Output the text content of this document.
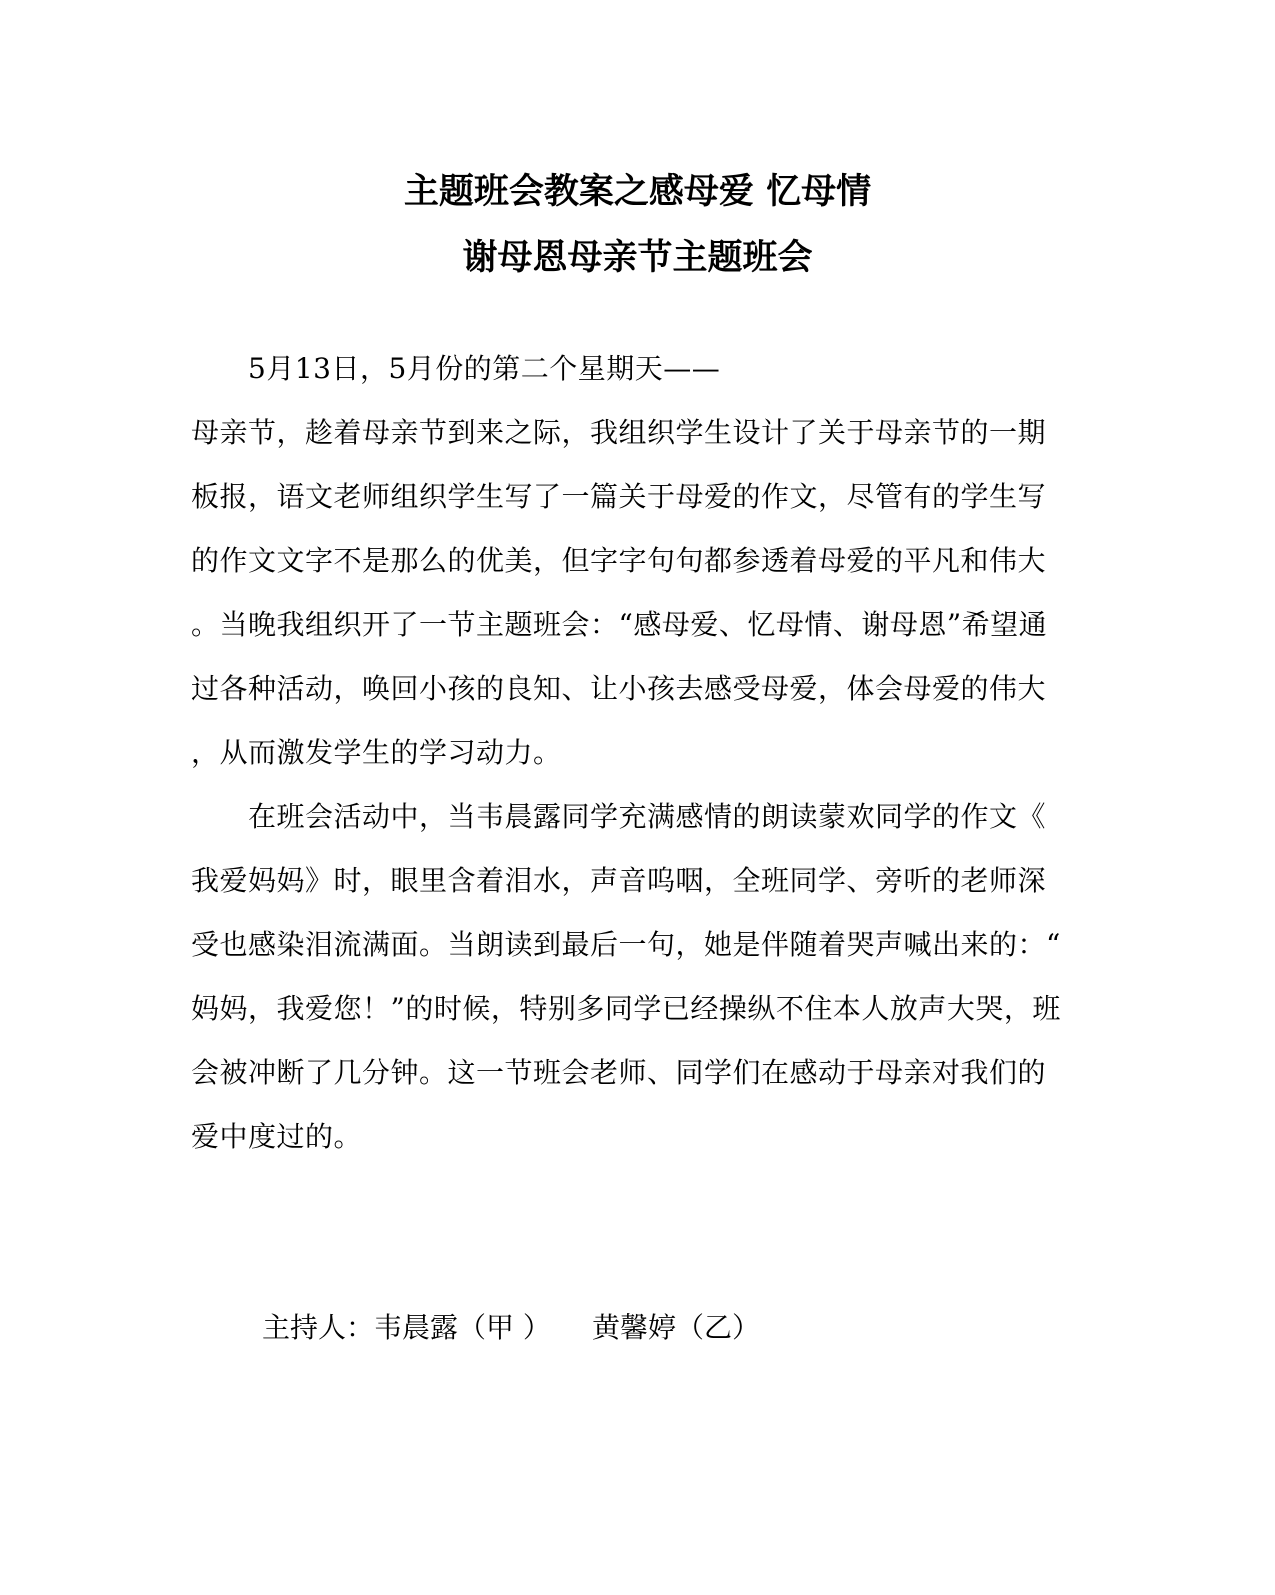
主题班会教案之感母爱 忆母情
谢母恩母亲节主题班会
5月13日，5月份的第二个星期天——
母亲节，趁着母亲节到来之际，我组织学生设计了关于母亲节的一期
板报，语文老师组织学生写了一篇关于母爱的作文，尽管有的学生写
的作文文字不是那么的优美，但字字句句都参透着母爱的平凡和伟大
。当晚我组织开了一节主题班会：“感母爱、忆母情、谢母恩”希望通
过各种活动，唤回小孩的良知、让小孩去感受母爱，体会母爱的伟大
，从而激发学生的学习动力。
在班会活动中，当韦晨露同学充满感情的朗读蒙欢同学的作文《
我爱妈妈》时，眼里含着泪水，声音呜咽，全班同学、旁听的老师深
受也感染泪流满面。当朗读到最后一句，她是伴随着哭声喊出来的：“
妈妈，我爱您！”的时候，特别多同学已经操纵不住本人放声大哭，班
会被冲断了几分钟。这一节班会老师、同学们在感动于母亲对我们的
爱中度过的。
主持人：韦晨露（甲 ） 黄馨婷（乙）
